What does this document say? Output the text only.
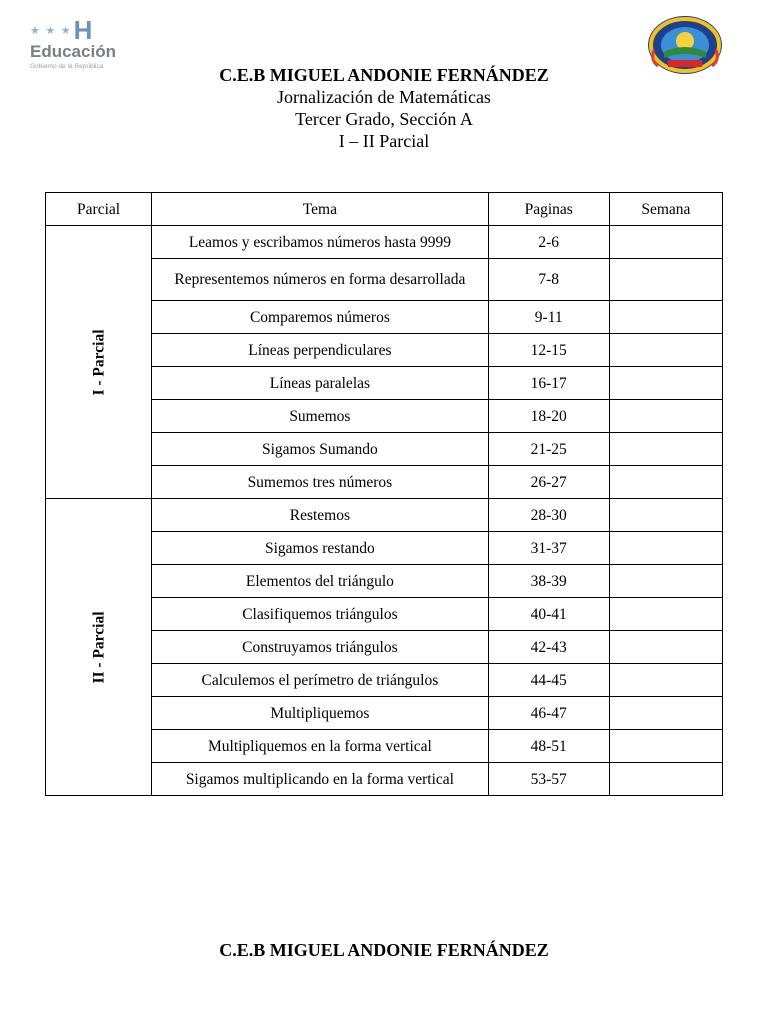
★ ★ ★ H
Educación
Gobierno de la República	C.E.B MIGUEL ANDONIE FERNÁNDEZ
Jornalización de Matemáticas
Tercer Grado, Sección A
I – II Parcial
Parcial	Tema	Paginas	Semana
I - Parcial	Leamos y escribamos números hasta 9999	2-6	
	Representemos números en forma desarrollada	7-8	
	Comparemos números	9-11	
	Líneas perpendiculares	12-15	
	Líneas paralelas	16-17	
	Sumemos	18-20	
	Sigamos Sumando	21-25	
	Sumemos tres números	26-27	
II - Parcial	Restemos	28-30	
	Sigamos restando	31-37	
	Elementos del triángulo	38-39	
	Clasifiquemos triángulos	40-41	
	Construyamos triángulos	42-43	
	Calculemos el perímetro de triángulos	44-45	
	Multipliquemos	46-47	
	Multipliquemos en la forma vertical	48-51	
	Sigamos multiplicando en la forma vertical	53-57	
C.E.B MIGUEL ANDONIE FERNÁNDEZ
